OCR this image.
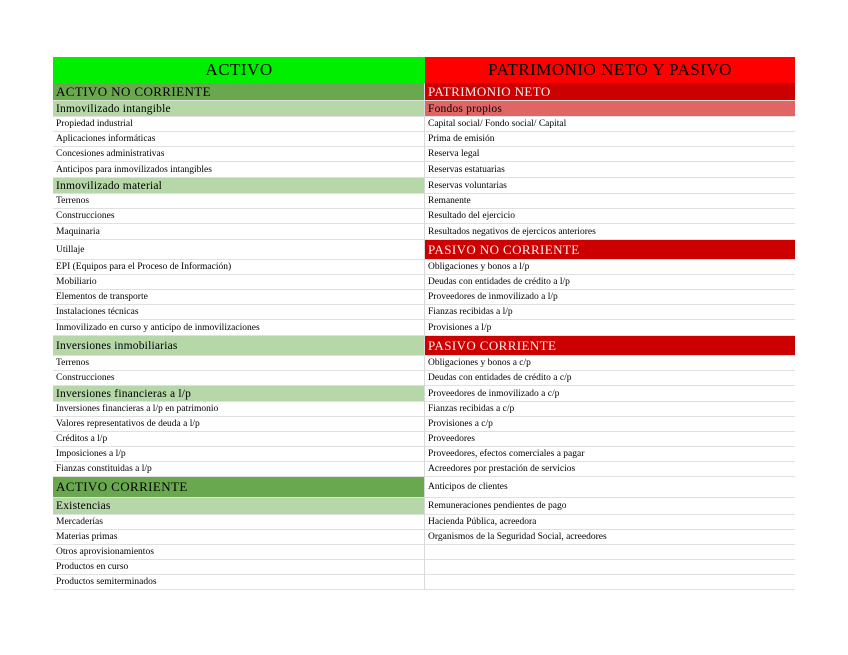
ACTIVO	PATRIMONIO NETO Y PASIVO
ACTIVO NO CORRIENTE
Inmovilizado intangible
Propiedad industrial
Aplicaciones informáticas
Concesiones administrativas
Anticipos para inmovilizados intangibles
Inmovilizado material
Terrenos
Construcciones
Maquinaria
Utillaje
EPI (Equipos para el Proceso de Información)
Mobiliario
Elementos de transporte
Instalaciones técnicas
Inmovilizado en curso y anticipo de inmovilizaciones
Inversiones inmobiliarias
Terrenos
Construcciones
Inversiones financieras a l/p
Inversiones financieras a l/p en patrimonio
Valores representativos de deuda a l/p
Créditos a l/p
Imposiciones a l/p
Fianzas constituidas a l/p
ACTIVO CORRIENTE
Existencias
Mercaderías
Materias primas
Otros aprovisionamientos
Productos en curso
Productos semiterminados
PATRIMONIO NETO
Fondos propios
Capital social/ Fondo social/ Capital
Prima de emisión
Reserva legal
Reservas estatuarias
Reservas voluntarias
Remanente
Resultado del ejercicio
Resultados negativos de ejercicos anteriores
PASIVO NO CORRIENTE
Obligaciones y bonos a l/p
Deudas con entidades de crédito a l/p
Proveedores de inmovilizado a l/p
Fianzas recibidas a l/p
Provisiones a l/p
PASIVO CORRIENTE
Obligaciones y bonos a c/p
Deudas con entidades de crédito a c/p
Proveedores de inmovilizado a c/p
Fianzas recibidas a c/p
Provisiones a c/p
Proveedores
Proveedores, efectos comerciales a pagar
Acreedores por prestación de servicios
Anticipos de clientes
Remuneraciones pendientes de pago
Hacienda Pública, acreedora
Organismos de la Seguridad Social, acreedores
